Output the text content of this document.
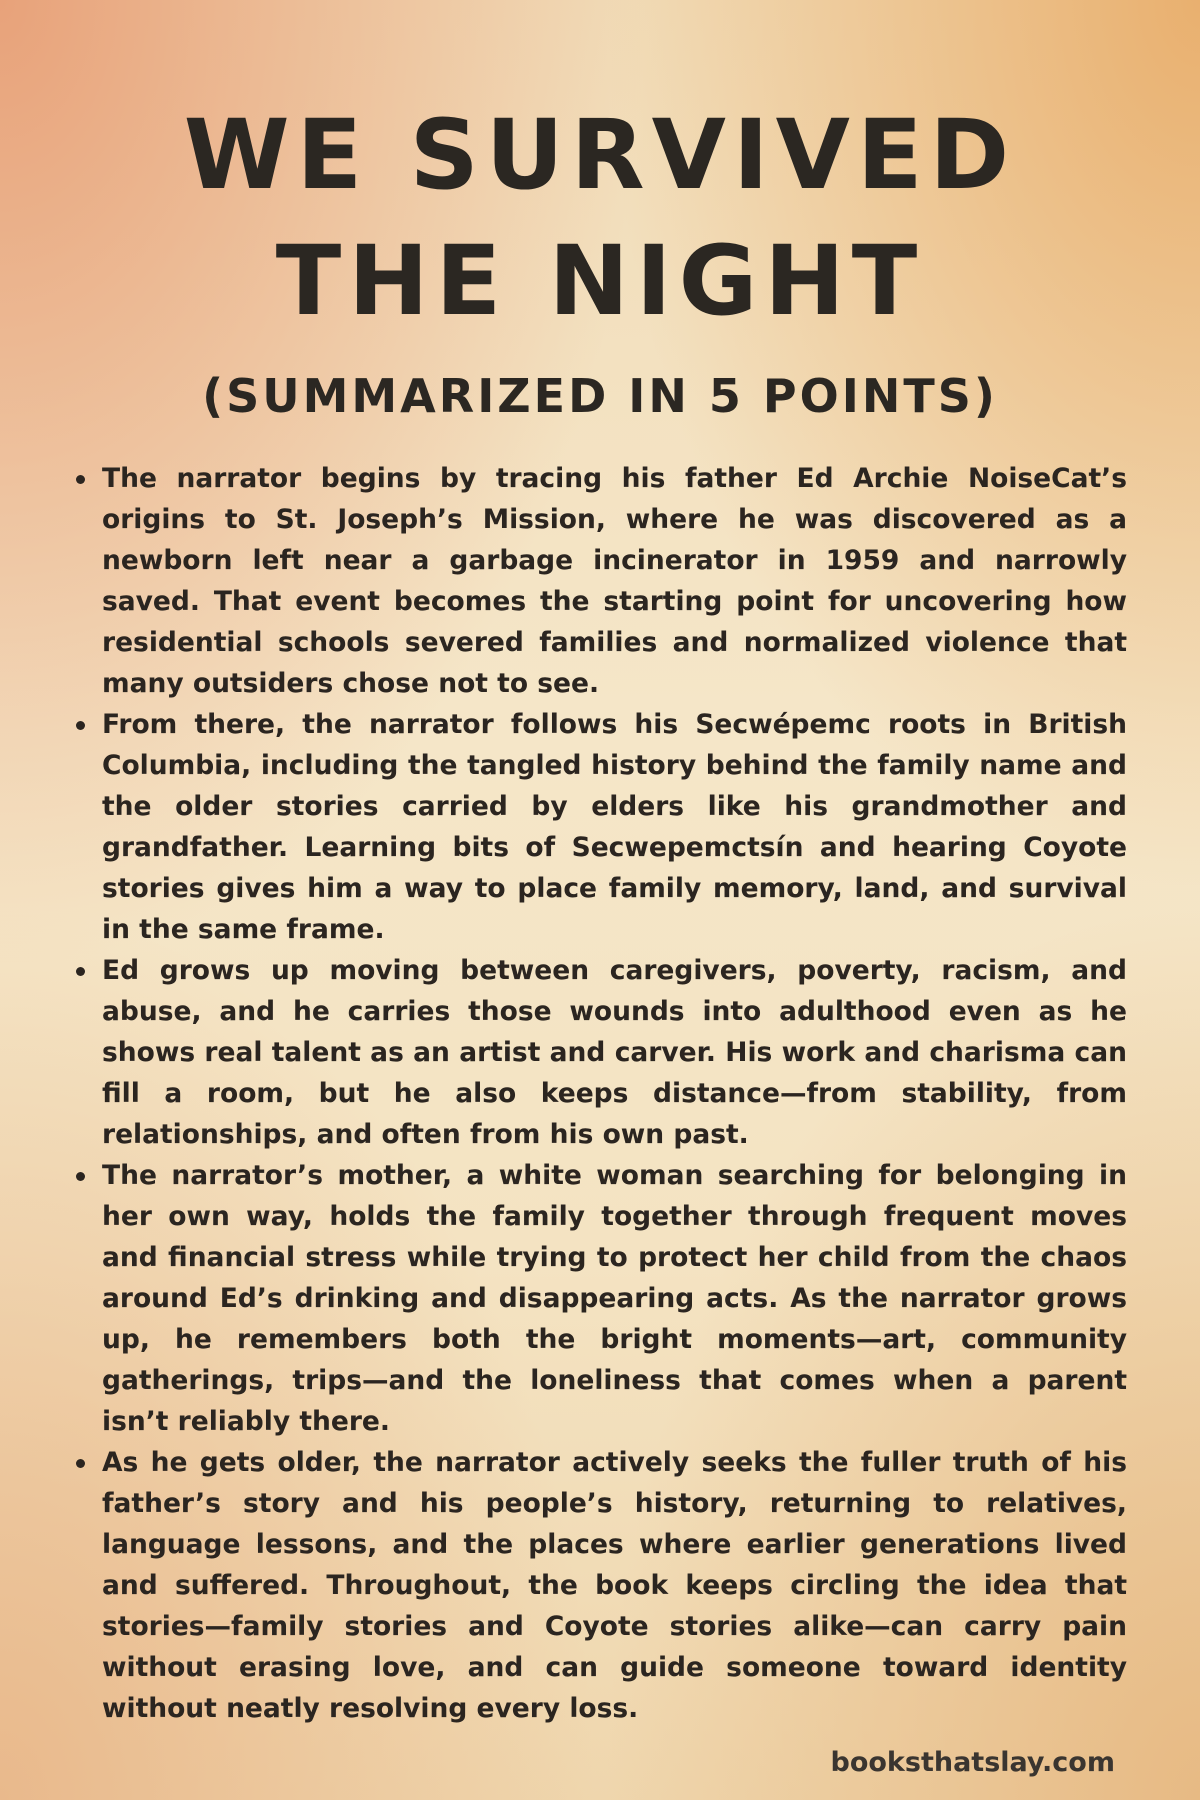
WE SURVIVED THE NIGHT
(SUMMARIZED IN 5 POINTS)
The narrator begins by tracing his father Ed Archie NoiseCat’s origins to St. Joseph’s Mission, where he was discovered as a newborn left near a garbage incinerator in 1959 and narrowly saved. That event becomes the starting point for uncovering how residential schools severed families and normalized violence that many outsiders chose not to see.
From there, the narrator follows his Secwépemc roots in British Columbia, including the tangled history behind the family name and the older stories carried by elders like his grandmother and grandfather. Learning bits of Secwepemctsín and hearing Coyote stories gives him a way to place family memory, land, and survival in the same frame.
Ed grows up moving between caregivers, poverty, racism, and abuse, and he carries those wounds into adulthood even as he shows real talent as an artist and carver. His work and charisma can fill a room, but he also keeps distance—from stability, from relationships, and often from his own past.
The narrator’s mother, a white woman searching for belonging in her own way, holds the family together through frequent moves and financial stress while trying to protect her child from the chaos around Ed’s drinking and disappearing acts. As the narrator grows up, he remembers both the bright moments—art, community gatherings, trips—and the loneliness that comes when a parent isn’t reliably there.
As he gets older, the narrator actively seeks the fuller truth of his father’s story and his people’s history, returning to relatives, language lessons, and the places where earlier generations lived and suffered. Throughout, the book keeps circling the idea that stories—family stories and Coyote stories alike—can carry pain without erasing love, and can guide someone toward identity without neatly resolving every loss.
booksthatslay.com
